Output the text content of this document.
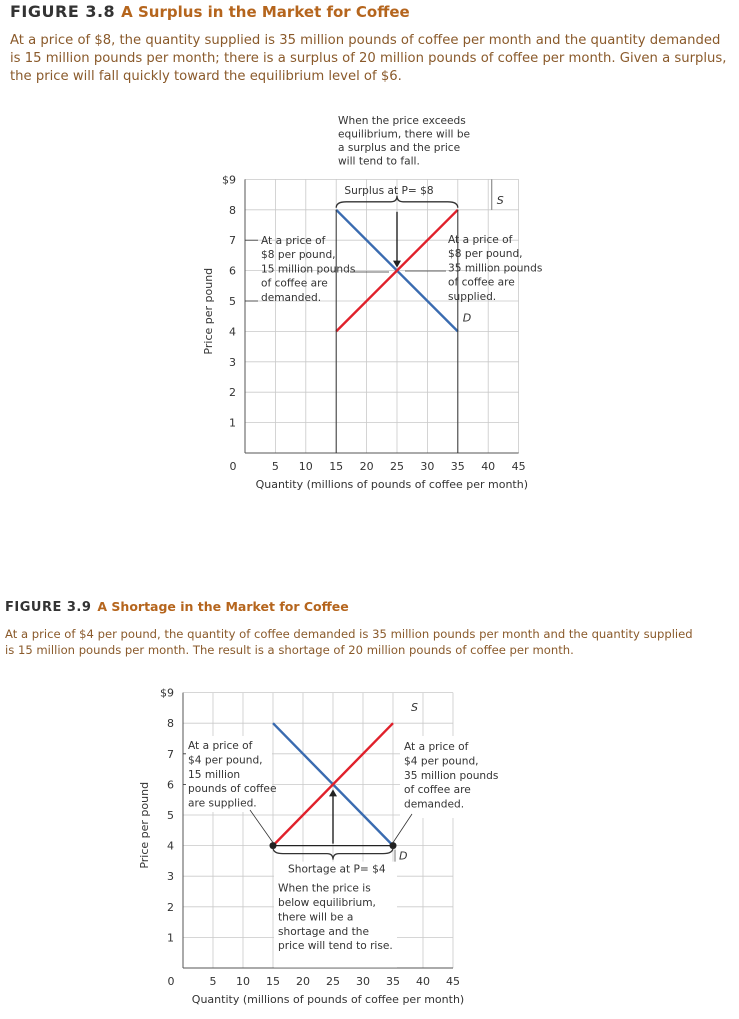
FIGURE 3.8 A Surplus in the Market for Coffee
At a price of $8, the quantity supplied is 35 million pounds of coffee per month and the quantity demanded is 15 million pounds per month; there is a surplus of 20 million pounds of coffee per month. Given a surplus, the price will fall quickly toward the equilibrium level of $6.
FIGURE 3.9 A Shortage in the Market for Coffee
At a price of $4 per pound, the quantity of coffee demanded is 35 million pounds per month and the quantity supplied is 15 million pounds per month. The result is a shortage of 20 million pounds of coffee per month.
$9
8
7
6
5
4
3
2
1
0	5 10 15 20 25 30 35 40 45
Quantity (millions of pounds of coffee per month)
Price per pound
Surplus at P= $8
When the price exceeds
equilibrium, there will be
a surplus and the price
will tend to fall.
At a price of
$8 per pound,
15 million pounds
of coffee are
demanded.
At a price of
$8 per pound,
35 million pounds
of coffee are
supplied.
D
S
$9
8
7
6
5
4
3
2
1
0	5 10 15 20 25 30 35 40 45
Quantity (millions of pounds of coffee per month)
Price per pound
Shortage at P= $4
When the price is
below equilibrium,
there will be a
shortage and the
price will tend to rise.
At a price of
$4 per pound,
15 million
pounds of coffee
are supplied.
At a price of
$4 per pound,
35 million pounds
of coffee are
demanded.
D
S
